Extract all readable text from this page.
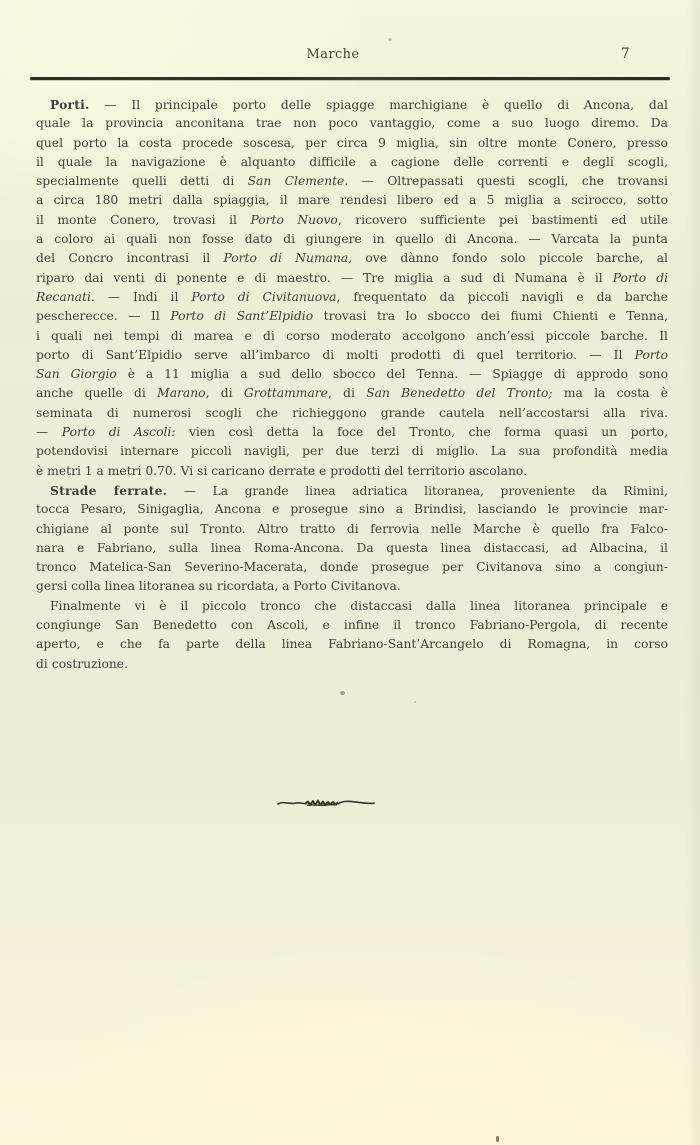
Marche	7
Porti. — Il principale porto delle spiagge marchigiane è quello di Ancona, dal
quale la provincia anconitana trae non poco vantaggio, come a suo luogo diremo. Da
quel porto la costa procede soscesa, per circa 9 miglia, sin oltre monte Conero, presso
il quale la navigazione è alquanto difficile a cagione delle correnti e degli scogli,
specialmente quelli detti di San Clemente. — Oltrepassati questi scogli, che trovansi
a circa 180 metri dalla spiaggia, il mare rendesi libero ed a 5 miglia a scirocco, sotto
il monte Conero, trovasi il Porto Nuovo, ricovero sufficiente pei bastimenti ed utile
a coloro ai quali non fosse dato di giungere in quello di Ancona. — Varcata la punta
del Concro incontrasi il Porto di Numana, ove dànno fondo solo piccole barche, al
riparo dai venti di ponente e di maestro. — Tre miglia a sud di Numana è il Porto di
Recanati. — Indi il Porto di Civitanuova, frequentato da piccoli navigli e da barche
pescherecce. — Il Porto di Sant’Elpidio trovasi tra lo sbocco dei fiumi Chienti e Tenna,
i quali nei tempi di marea e di corso moderato accolgono anch’essi piccole barche. Il
porto di Sant’Elpidio serve all’imbarco di molti prodotti di quel territorio. — Il Porto
San Giorgio è a 11 miglia a sud dello sbocco del Tenna. — Spiagge di approdo sono
anche quelle di Marano, di Grottammare, di San Benedetto del Tronto; ma la costa è
seminata di numerosi scogli che richieggono grande cautela nell’accostarsi alla riva.
— Porto di Ascoli: vien così detta la foce del Tronto, che forma quasi un porto,
potendovisi internare piccoli navigli, per due terzi di miglio. La sua profondità media
è metri 1 a metri 0.70. Vi si caricano derrate e prodotti del territorio ascolano.
Strade ferrate. — La grande linea adriatica litoranea, proveniente da Rimini,
tocca Pesaro, Sinigaglia, Ancona e prosegue sino a Brindisi, lasciando le provincie mar-
chigiane al ponte sul Tronto. Altro tratto di ferrovia nelle Marche è quello fra Falco-
nara e Fabriano, sulla linea Roma-Ancona. Da questa linea distaccasi, ad Albacina, il
tronco Matelica-San Severino-Macerata, donde prosegue per Civitanova sino a congiun-
gersi colla linea litoranea su ricordata, a Porto Civitanova.
Finalmente vi è il piccolo tronco che distaccasi dalla linea litoranea principale e
congiunge San Benedetto con Ascoli, e infine il tronco Fabriano-Pergola, di recente
aperto, e che fa parte della linea Fabriano-Sant’Arcangelo di Romagna, in corso
di costruzione.
